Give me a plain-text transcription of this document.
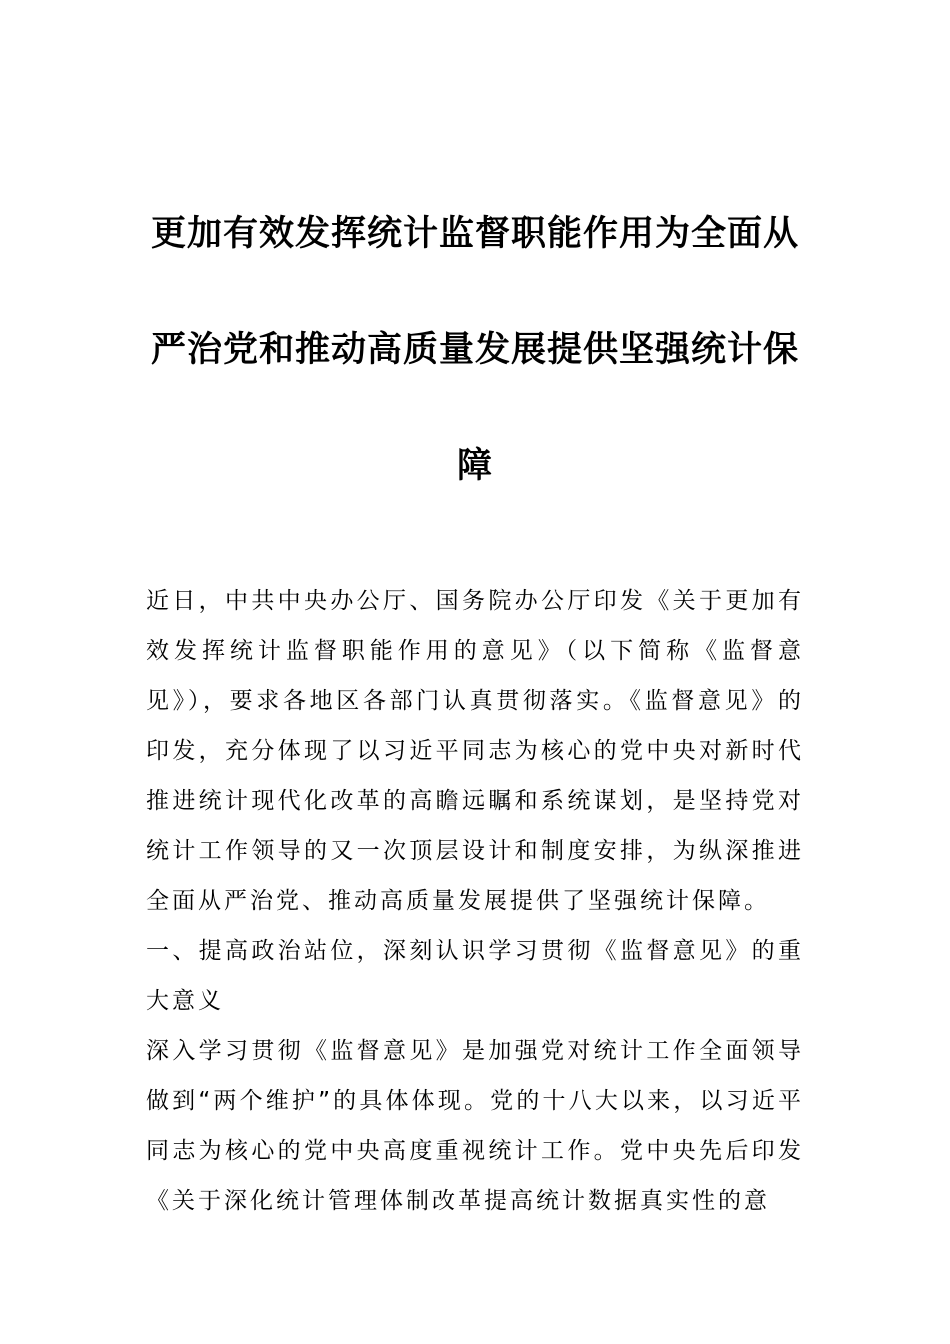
更加有效发挥统计监督职能作用为全面从
严治党和推动高质量发展提供坚强统计保
障

近日，中共中央办公厅、国务院办公厅印发《关于更加有效发挥统计监督职能作用的意见》（以下简称《监督意见》），要求各地区各部门认真贯彻落实。《监督意见》的印发，充分体现了以习近平同志为核心的党中央对新时代推进统计现代化改革的高瞻远瞩和系统谋划，是坚持党对统计工作领导的又一次顶层设计和制度安排，为纵深推进全面从严治党、推动高质量发展提供了坚强统计保障。

一、提高政治站位，深刻认识学习贯彻《监督意见》的重大意义

深入学习贯彻《监督意见》是加强党对统计工作全面领导做到“两个维护”的具体体现。党的十八大以来，以习近平同志为核心的党中央高度重视统计工作。党中央先后印发《关于深化统计管理体制改革提高统计数据真实性的意
